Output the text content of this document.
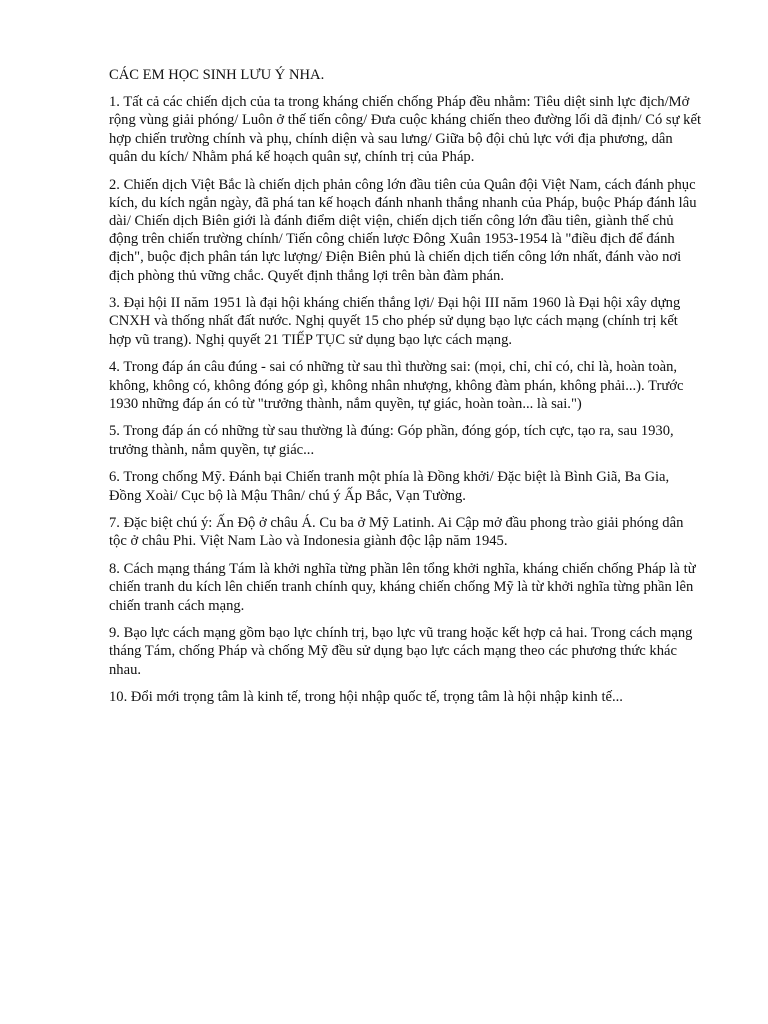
CÁC EM HỌC SINH LƯU Ý NHA.

1. Tất cả các chiến dịch của ta trong kháng chiến chống Pháp đều nhằm: Tiêu diệt sinh lực địch/Mở rộng vùng giải phóng/ Luôn ở thế tiến công/ Đưa cuộc kháng chiến theo đường lối dã định/ Có sự kết hợp chiến trường chính và phụ, chính diện và sau lưng/ Giữa bộ đội chủ lực với địa phương, dân quân du kích/ Nhằm phá kế hoạch quân sự, chính trị của Pháp.

2. Chiến dịch Việt Bắc là chiến dịch phản công lớn đầu tiên của Quân đội Việt Nam, cách đánh phục kích, du kích ngắn ngày, đã phá tan kế hoạch đánh nhanh thắng nhanh của Pháp, buộc Pháp đánh lâu dài/ Chiến dịch Biên giới là đánh điểm diệt viện, chiến dịch tiến công lớn đầu tiên, giành thế chủ động trên chiến trường chính/ Tiến công chiến lược Đông Xuân 1953-1954 là "điều địch để đánh địch", buộc địch phân tán lực lượng/ Điện Biên phủ là chiến dịch tiến công lớn nhất, đánh vào nơi địch phòng thủ vững chắc. Quyết định thắng lợi trên bàn đàm phán.

3. Đại hội II năm 1951 là đại hội kháng chiến thắng lợi/ Đại hội III năm 1960 là Đại hội xây dựng CNXH và thống nhất đất nước. Nghị quyết 15 cho phép sử dụng bạo lực cách mạng (chính trị kết hợp vũ trang). Nghị quyết 21 TIẾP TỤC sử dụng bạo lực cách mạng.

4. Trong đáp án câu đúng - sai có những từ sau thì thường sai: (mọi, chỉ, chỉ có, chỉ là, hoàn toàn, không, không có, không đóng góp gì, không nhân nhượng, không đàm phán, không phải...). Trước 1930 những đáp án có từ "trưởng thành, nắm quyền, tự giác, hoàn toàn... là sai.")

5. Trong đáp án có những từ sau thường là đúng: Góp phần, đóng góp, tích cực, tạo ra, sau 1930, trưởng thành, nắm quyền, tự giác...

6. Trong chống Mỹ. Đánh bại Chiến tranh một phía là Đồng khởi/ Đặc biệt là Bình Giã, Ba Gia, Đồng Xoài/ Cục bộ là Mậu Thân/ chú ý Ấp Bắc, Vạn Tường.

7. Đặc biệt chú ý: Ấn Độ ở châu Á. Cu ba ở Mỹ Latinh. Ai Cập mở đầu phong trào giải phóng dân tộc ở châu Phi. Việt Nam Lào và Indonesia giành độc lập năm 1945.

8. Cách mạng tháng Tám là khởi nghĩa từng phần lên tổng khởi nghĩa, kháng chiến chống Pháp là từ chiến tranh du kích lên chiến tranh chính quy, kháng chiến chống Mỹ là từ khởi nghĩa từng phần lên chiến tranh cách mạng.

9. Bạo lực cách mạng gồm bạo lực chính trị, bạo lực vũ trang hoặc kết hợp cả hai. Trong cách mạng tháng Tám, chống Pháp và chống Mỹ đều sử dụng bạo lực cách mạng theo các phương thức khác nhau.

10. Đổi mới trọng tâm là kinh tế, trong hội nhập quốc tế, trọng tâm là hội nhập kinh tế...
